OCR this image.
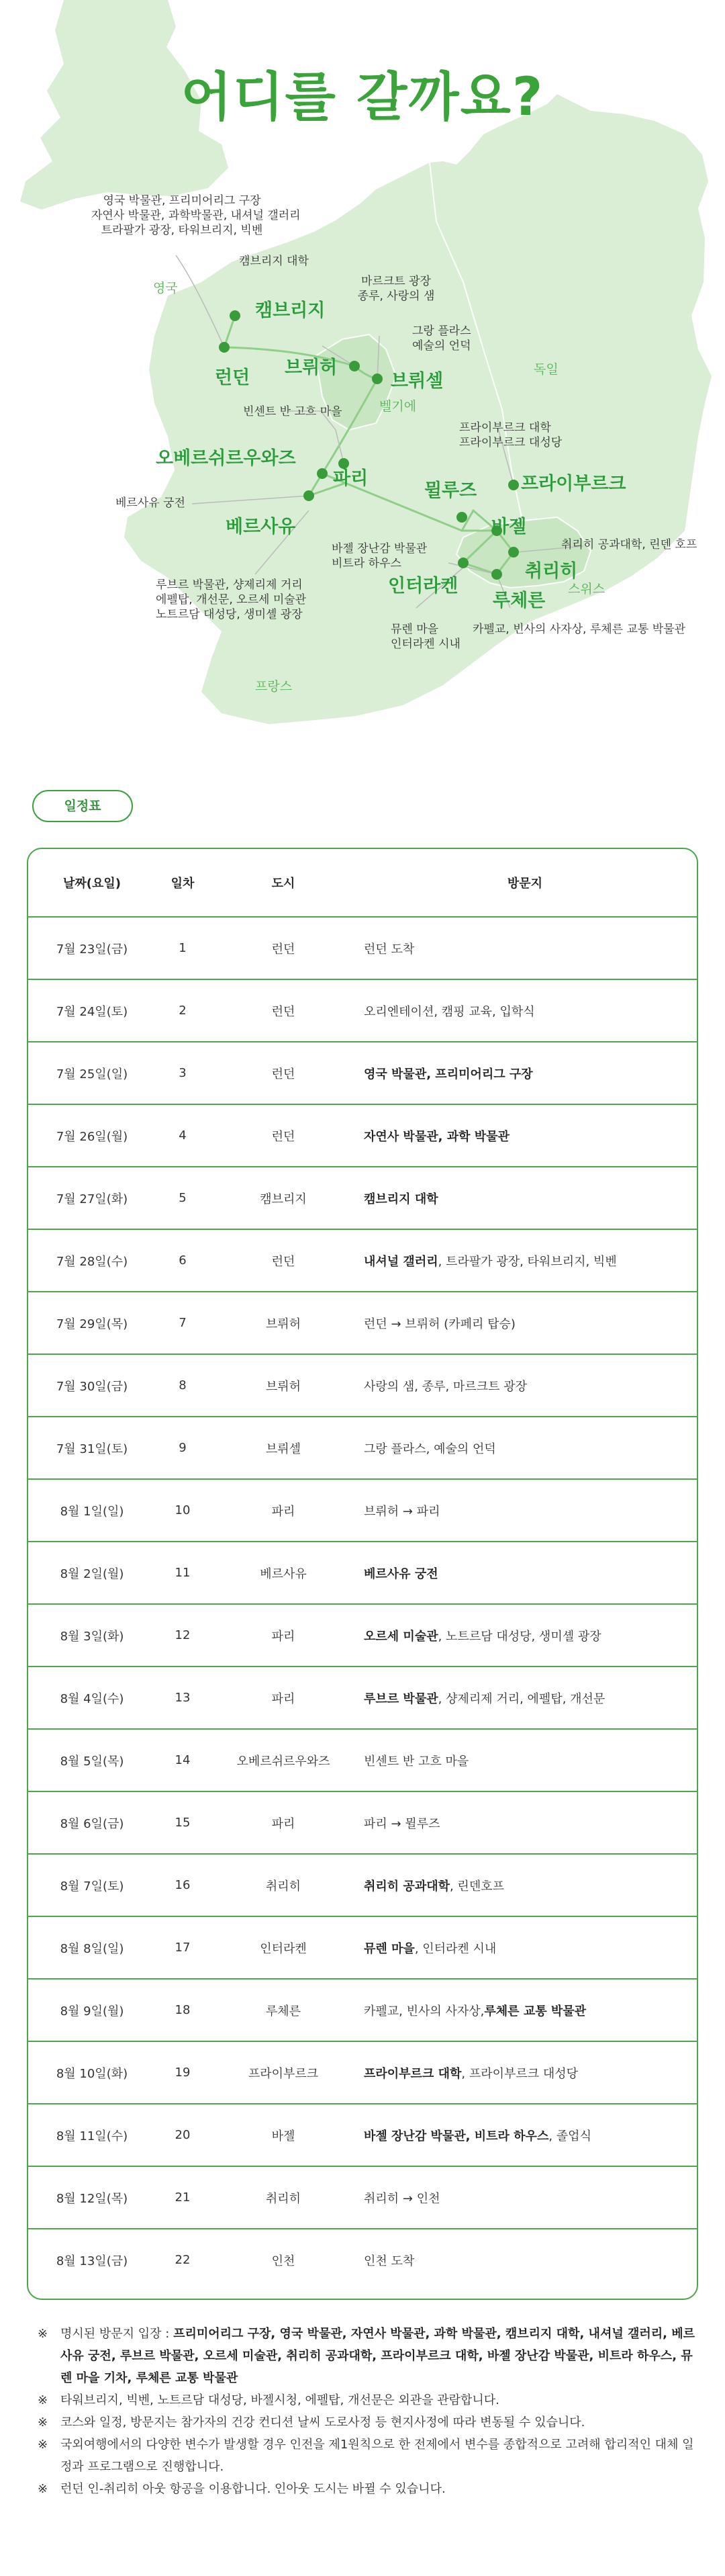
어디를 갈까요?
영국
독일
벨기에
스위스
프랑스
영국 박물관, 프리미어리그 구장
자연사 박물관, 과학박물관, 내셔널 갤러리
트라팔가 광장, 타워브리지, 빅벤
캠브리지 대학
마르크트 광장
종루, 사랑의 샘
그랑 플라스
예술의 언덕
빈센트 반 고흐 마을
베르사유 궁전
루브르 박물관, 샹제리제 거리
에펠탑, 개선문, 오르세 미술관
노트르담 대성당, 생미셸 광장
프라이부르크 대학
프라이부르크 대성당
취리히 공과대학, 린덴 호프
바젤 장난감 박물관
비트라 하우스
뮤렌 마을
인터라켄 시내
카펠교, 빈사의 사자상, 루체른 교통 박물관
캠브리지
런던 브뤼허
브뤼셀
오베르쉬르우와즈
파리
베르사유
뮐루즈 프라이부르크
바젤
취리히
인터라켄
루체른
일정표
날짜(요일)	일차	도시	방문지
7월 23일(금)	1	런던	런던 도착
7월 24일(토)	2	런던	오리엔테이션, 캠핑 교육, 입학식
7월 25일(일)	3	런던	영국 박물관, 프리미어리그 구장
7월 26일(월)	4	런던	자연사 박물관, 과학 박물관
7월 27일(화)	5	캠브리지	캠브리지 대학
7월 28일(수)	6	런던	내셔널 갤러리 , 트라팔가 광장, 타워브리지, 빅벤
7월 29일(목)	7	브뤼허	런던 → 브뤼허 (카페리 탑승)
7월 30일(금)	8	브뤼허	사랑의 샘, 종루, 마르크트 광장
7월 31일(토)	9	브뤼셀	그랑 플라스, 예술의 언덕
8월 1일(일)	10	파리	브뤼허 → 파리
8월 2일(월)	11	베르사유	베르사유 궁전
8월 3일(화)	12	파리	오르세 미술관 , 노트르담 대성당, 생미셸 광장
8월 4일(수)	13	파리	루브르 박물관 , 샹제리제 거리, 에펠탑, 개선문
8월 5일(목)	14	오베르쉬르우와즈	빈센트 반 고흐 마을
8월 6일(금)	15	파리	파리 → 뮐루즈
8월 7일(토)	16	취리히	취리히 공과대학 , 린덴호프
8월 8일(일)	17	인터라켄	뮤렌 마을 , 인터라켄 시내
8월 9일(월)	18	루체른	카펠교, 빈사의 사자상, 루체른 교통 박물관
8월 10일(화)	19	프라이부르크	프라이부르크 대학 , 프라이부르크 대성당
8월 11일(수)	20	바젤	바젤 장난감 박물관, 비트라 하우스 , 졸업식
8월 12일(목)	21	취리히	취리히 → 인천
8월 13일(금)	22	인천	인천 도착
※ 명시된 방문지 입장 : 프리미어리그 구장, 영국 박물관, 자연사 박물관, 과학 박물관, 캠브리지 대학, 내셔널 갤러리, 베르사유 궁전, 루브르 박물관, 오르세 미술관, 취리히 공과대학, 프라이부르크 대학, 바젤 장난감 박물관, 비트라 하우스, 뮤렌 마을 기차, 루체른 교통 박물관
※ 타워브리지, 빅벤, 노트르담 대성당, 바젤시청, 에펠탑, 개선문은 외관을 관람합니다.
※ 코스와 일정, 방문지는 참가자의 건강 컨디션 날씨 도로사정 등 현지사정에 따라 변동될 수 있습니다.
※ 국외여행에서의 다양한 변수가 발생할 경우 인전을 제1원칙으로 한 전제에서 변수를 종합적으로 고려해 합리적인 대체 일정과 프로그램으로 진행합니다.
※ 런던 인-취리히 아웃 항공을 이용합니다. 인아웃 도시는 바뀔 수 있습니다.
